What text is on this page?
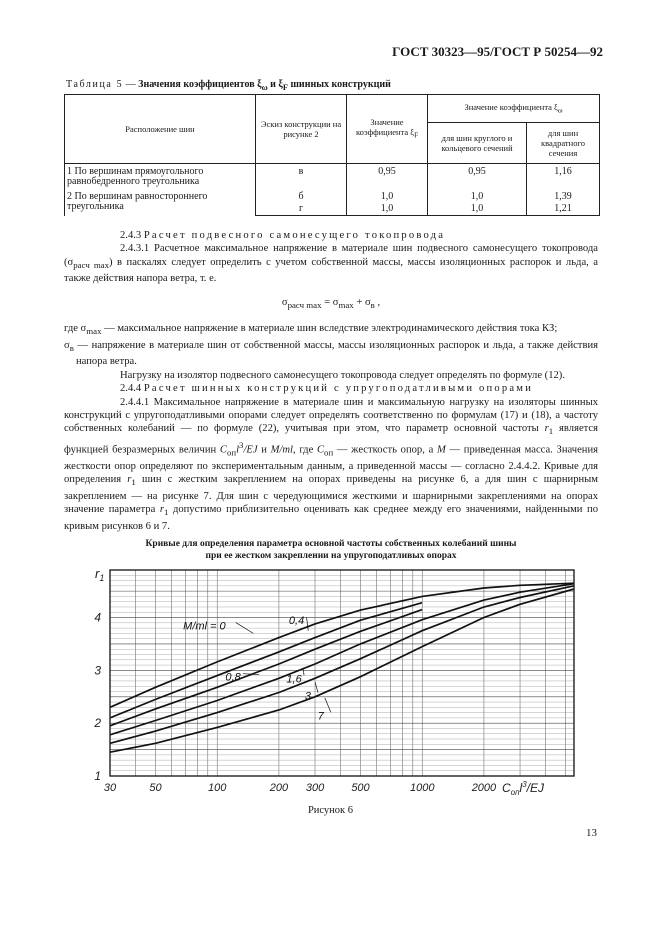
ГОСТ 30323—95/ГОСТ Р 50254—92
Таблица 5 — Значения коэффициентов $\xi_\omega$ и $\xi_F$ шинных конструкций
Расположение шин	Эскиз конструкции на рисунке 2	Значение коэффициента $\xi_F$	Значение коэффициента $\xi_\omega$
			для шин круглого и кольцевого сечений	для шин квадратного сечения
1 По вершинам прямоугольного равнобедренного треугольника	в	0,95	0,95	1,16
2 По вершинам равностороннего треугольника	б	1,0	1,0	1,39
	г	1,0	1,0	1,21

2.4.3 Расчет подвесного самонесущего токопровода

2.4.3.1 Расчетное максимальное напряжение в материале шин подвесного самонесущего токопровода $(\sigma_{расч max})$ в паскалях следует определить с учетом собственной массы, массы изоляционных распорок и льда, а также действия напора ветра, т. е.

$\sigma_{расч max} = \sigma_{max} + \sigma_в$ ,

где $\sigma_{max}$ — максимальное напряжение в материале шин вследствие электродинамического действия тока КЗ;

$\sigma_в$ — напряжение в материале шин от собственной массы, массы изоляционных распорок и льда, а также действия напора ветра.

Нагрузку на изолятор подвесного самонесущего токопровода следует определять по формуле (12).

2.4.4 Расчет шинных конструкций с упругоподатливыми опорами

2.4.4.1 Максимальное напряжение в материале шин и максимальную нагрузку на изоляторы шинных конструкций с упругоподатливыми опорами следует определять соответственно по формулам (17) и (18), а частоту собственных колебаний — по формуле (22), учитывая при этом, что параметр основной частоты $r_1$ является функцией безразмерных величин $C_{оп}l^3/EJ$ и M/ml, где $C_{оп}$ — жесткость опор, а M — приведенная масса. Значения жесткости опор определяют по экспериментальным данным, а приведенной массы — согласно 2.4.4.2. Кривые для определения $r_1$ шин с жестким закреплением на опорах приведены на рисунке 6, а для шин с шарнирным закреплением — на рисунке 7. Для шин с чередующимися жесткими и шарнирными закреплениями на опорах значение параметра $r_1$ допустимо приблизительно оценивать как среднее между его значениями, найденными по кривым рисунков 6 и 7.

Кривые для определения параметра основной частоты собственных колебаний шины
при ее жестком закреплении на упругоподатливых опорах
M/ml = 0	0,4
0,8	1,6
3
7
30	50	100	200 300 500	1000	2000
1
2
3
4
$r_1$
$C_{оп}l^3/EJ$
Рисунок 6
13
